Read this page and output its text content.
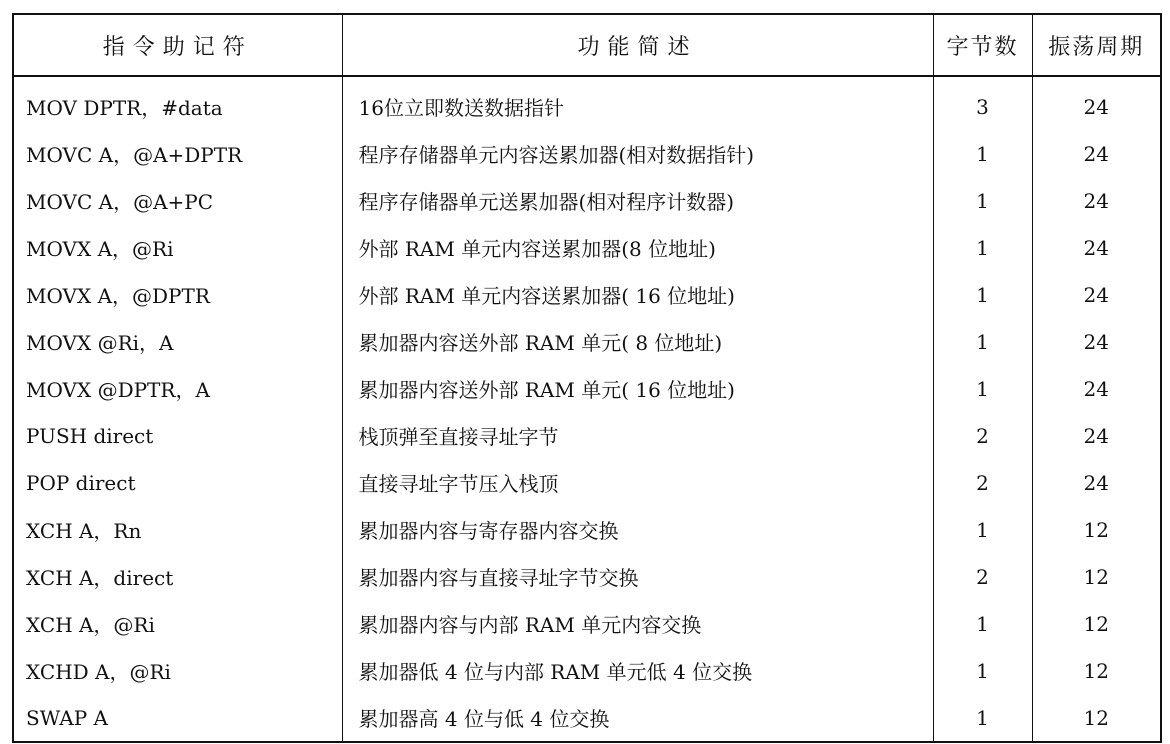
指令助记符	功能简述	字节数	振荡周期
MOV DPTR，#data	16位立即数送数据指针	3	24
MOVC A，@A+DPTR	程序存储器单元内容送累加器(相对数据指针)	1	24
MOVC A，@A+PC	程序存储器单元送累加器(相对程序计数器)	1	24
MOVX A，@Ri	外部 RAM 单元内容送累加器(8 位地址)	1	24
MOVX A，@DPTR	外部 RAM 单元内容送累加器( 16 位地址)	1	24
MOVX @Ri，A	累加器内容送外部 RAM 单元( 8 位地址)	1	24
MOVX @DPTR，A	累加器内容送外部 RAM 单元( 16 位地址)	1	24
PUSH direct	栈顶弹至直接寻址字节	2	24
POP direct	直接寻址字节压入栈顶	2	24
XCH A，Rn	累加器内容与寄存器内容交换	1	12
XCH A，direct	累加器内容与直接寻址字节交换	2	12
XCH A，@Ri	累加器内容与内部 RAM 单元内容交换	1	12
XCHD A，@Ri	累加器低 4 位与内部 RAM 单元低 4 位交换	1	12
SWAP A	累加器高 4 位与低 4 位交换	1	12
